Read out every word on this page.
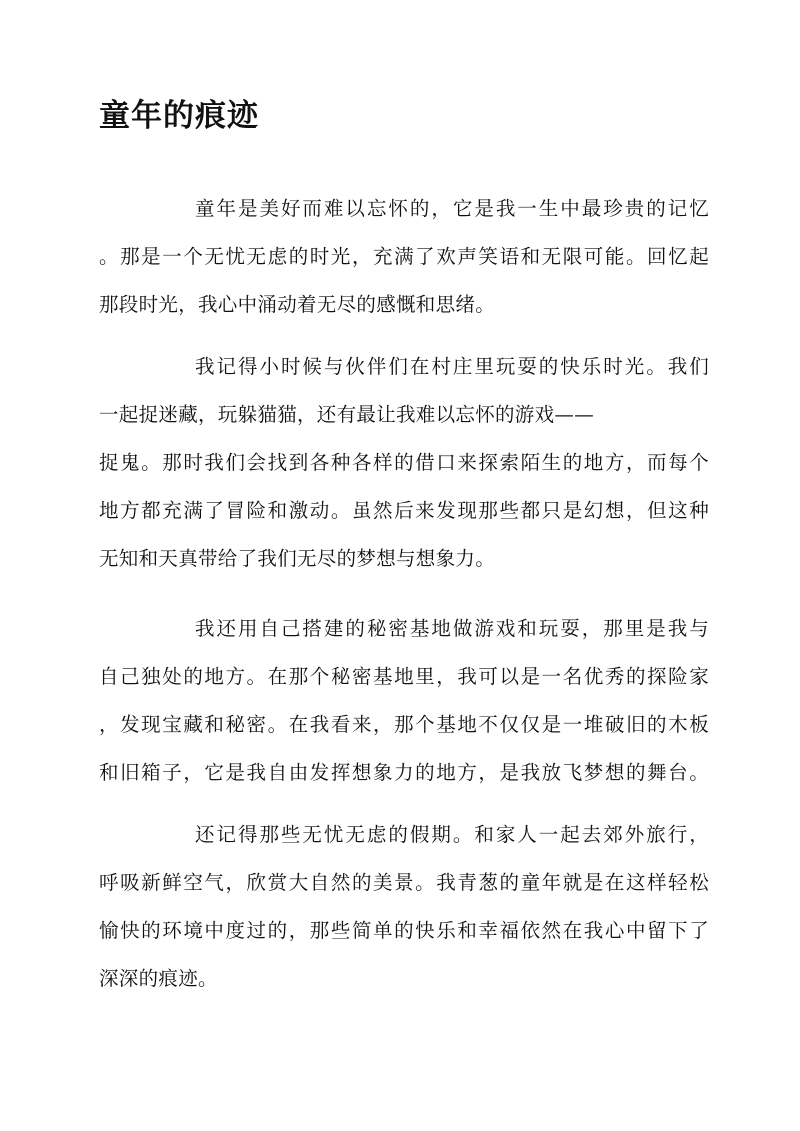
童年的痕迹
童年是美好而难以忘怀的，它是我一生中最珍贵的记忆
。那是一个无忧无虑的时光，充满了欢声笑语和无限可能。回忆起
那段时光，我心中涌动着无尽的感慨和思绪。
我记得小时候与伙伴们在村庄里玩耍的快乐时光。我们
一起捉迷藏，玩躲猫猫，还有最让我难以忘怀的游戏——
捉鬼。那时我们会找到各种各样的借口来探索陌生的地方，而每个
地方都充满了冒险和激动。虽然后来发现那些都只是幻想，但这种
无知和天真带给了我们无尽的梦想与想象力。
我还用自己搭建的秘密基地做游戏和玩耍，那里是我与
自己独处的地方。在那个秘密基地里，我可以是一名优秀的探险家
，发现宝藏和秘密。在我看来，那个基地不仅仅是一堆破旧的木板
和旧箱子，它是我自由发挥想象力的地方，是我放飞梦想的舞台。
还记得那些无忧无虑的假期。和家人一起去郊外旅行，
呼吸新鲜空气，欣赏大自然的美景。我青葱的童年就是在这样轻松
愉快的环境中度过的，那些简单的快乐和幸福依然在我心中留下了
深深的痕迹。
